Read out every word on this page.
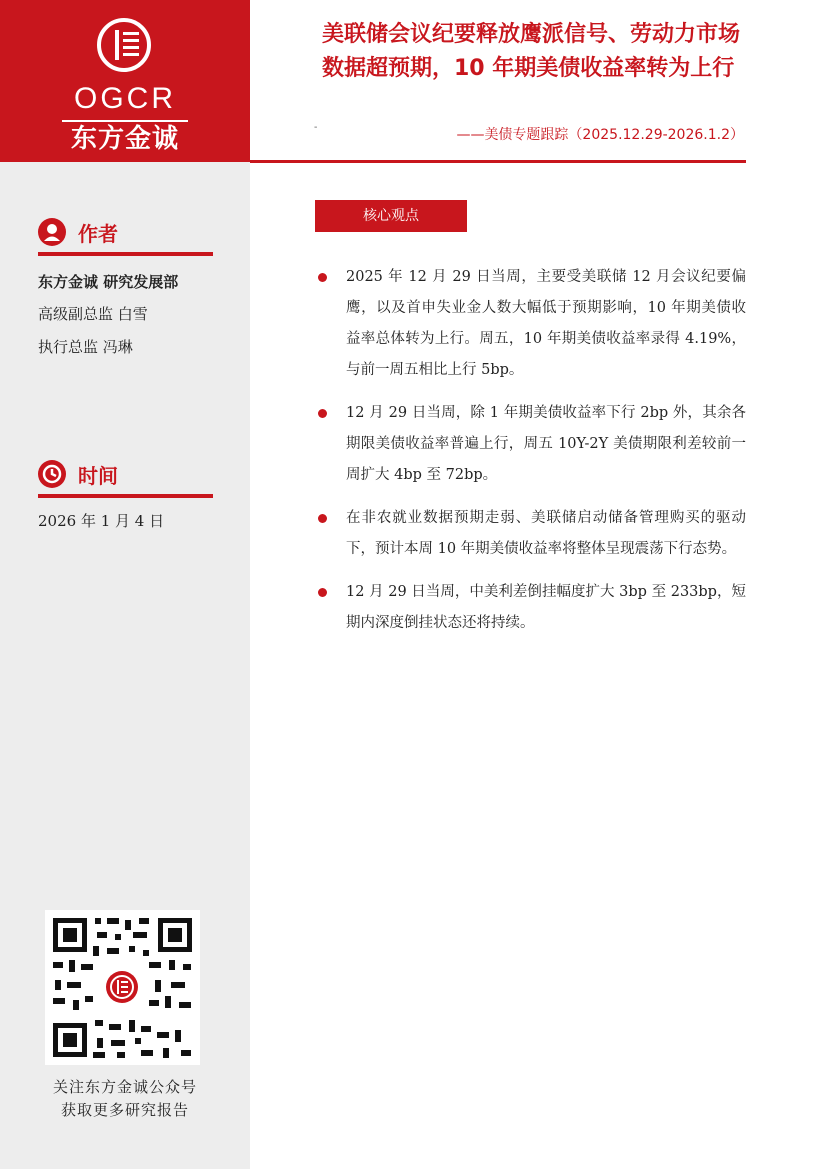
OGCR
东方金诚
作者
东方金诚 研究发展部
高级副总监 白雪
执行总监 冯琳
时间
2026 年 1 月 4 日
关注东方金诚公众号
获取更多研究报告
美联储会议纪要释放鹰派信号、劳动力市场数据超预期，10 年期美债收益率转为上行
-	——美债专题跟踪（2025.12.29-2026.1.2）
核心观点
2025 年 12 月 29 日当周，主要受美联储 12 月会议纪要偏鹰，以及首申失业金人数大幅低于预期影响，10 年期美债收益率总体转为上行。周五，10 年期美债收益率录得 4.19%，与前一周五相比上行 5bp。
12 月 29 日当周，除 1 年期美债收益率下行 2bp 外，其余各期限美债收益率普遍上行，周五 10Y-2Y 美债期限利差较前一周扩大 4bp 至 72bp。
在非农就业数据预期走弱、美联储启动储备管理购买的驱动下，预计本周 10 年期美债收益率将整体呈现震荡下行态势。
12 月 29 日当周，中美利差倒挂幅度扩大 3bp 至 233bp，短期内深度倒挂状态还将持续。
